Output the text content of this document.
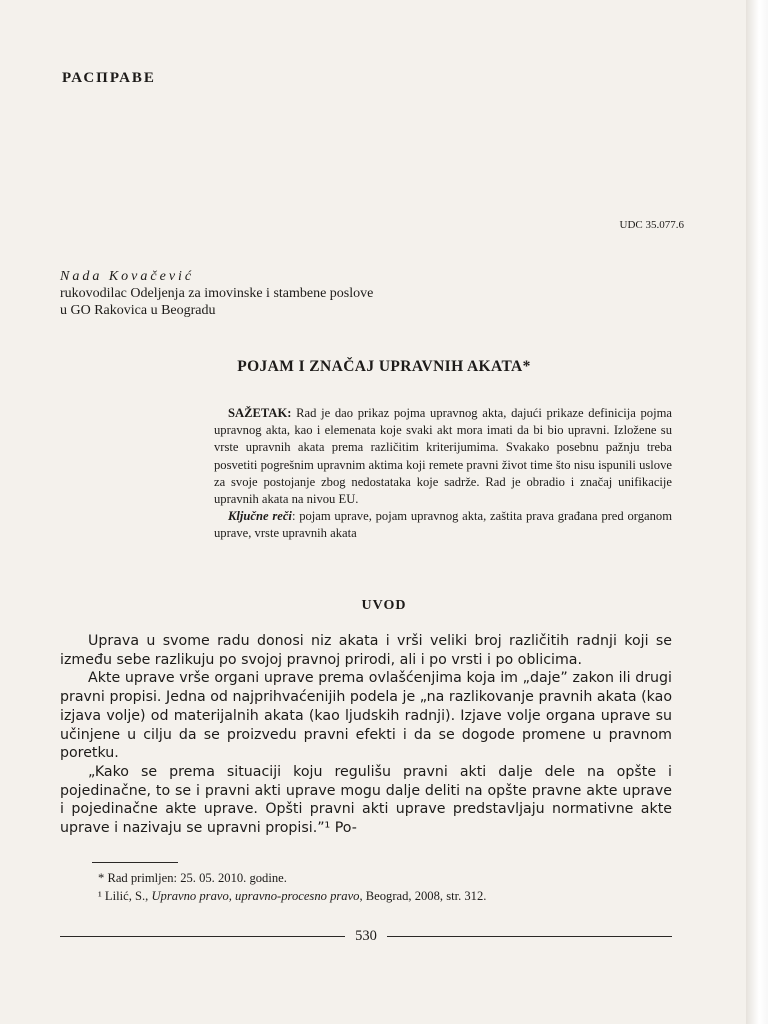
РАСПРАВЕ
UDC 35.077.6
Nada Kovačević
rukovodilac Odeljenja za imovinske i stambene poslove
u GO Rakovica u Beogradu
POJAM I ZNAČAJ UPRAVNIH AKATA*

SAŽETAK: Rad je dao prikaz pojma upravnog akta, dajući prikaze definicija pojma upravnog akta, kao i elemenata koje svaki akt mora imati da bi bio upravni. Izložene su vrste upravnih akata prema različitim kriterijumima. Svakako posebnu pažnju treba posvetiti pogrešnim upravnim aktima koji remete pravni život time što nisu ispunili uslove za svoje postojanje zbog nedostataka koje sadrže. Rad je obradio i značaj unifikacije upravnih akata na nivou EU.

Ključne reči: pojam uprave, pojam upravnog akta, zaštita prava građana pred organom uprave, vrste upravnih akata

UVOD

Uprava u svome radu donosi niz akata i vrši veliki broj različitih radnji koji se između sebe razlikuju po svojoj pravnoj prirodi, ali i po vrsti i po oblicima.

Akte uprave vrše organi uprave prema ovlašćenjima koja im „daje” zakon ili drugi pravni propisi. Jedna od najprihvaćenijih podela je „na razlikovanje pravnih akata (kao izjava volje) od materijalnih akata (kao ljudskih radnji). Izjave volje organa uprave su učinjene u cilju da se proizvedu pravni efekti i da se dogode promene u pravnom poretku.

„Kako se prema situaciji koju regulišu pravni akti dalje dele na opšte i pojedinačne, to se i pravni akti uprave mogu dalje deliti na opšte pravne akte uprave i pojedinačne akte uprave. Opšti pravni akti uprave predstavljaju normativne akte uprave i nazivaju se upravni propisi.”¹ Po-

* Rad primljen: 25. 05. 2010. godine.

¹ Lilić, S., Upravno pravo, upravno-procesno pravo, Beograd, 2008, str. 312.

530
